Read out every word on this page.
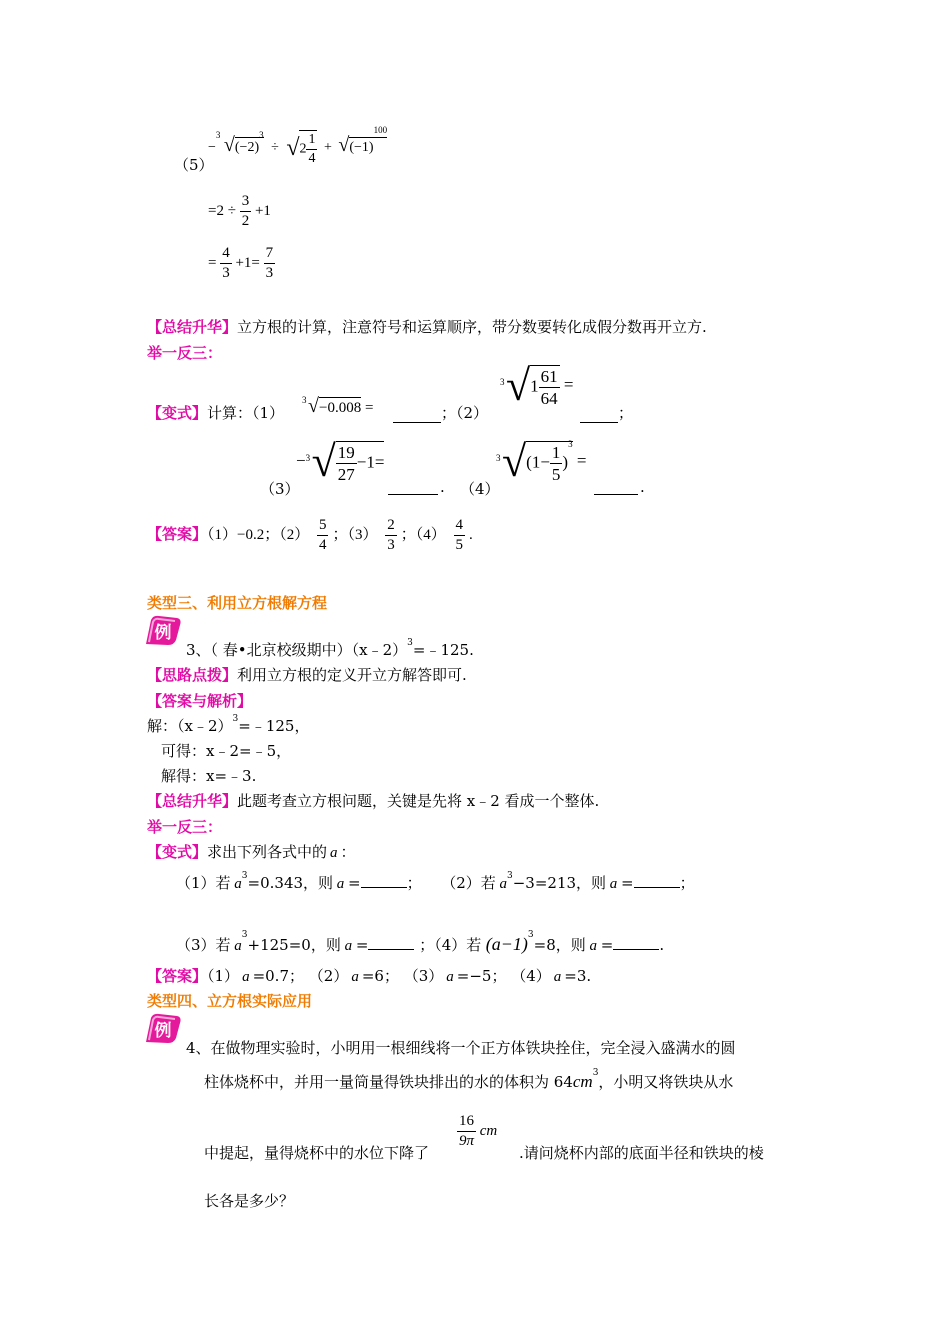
−
3 $√(-2)^3 \div √2 \frac{1}{4} + √(-1)^{100}$
（5）
$=2 \div \frac{3}{2} +1$
= $\frac{4}{3} +1= \frac{7}{3}$
【总结升华】立方根的计算，注意符号和运算顺序，带分数要转化成假分数再开立方.
举一反三：
【变式】计算：（1）
3 √−0.008 =	；（2）
3 $√1 \frac{61}{64}$ =
；
（3）
− 3 √ $\frac{19}{27} -1=$
. （4）
3 $√(1- \frac{1}{5} )^3$ =
.
【答案】（1）−0.2；$(2) \frac{5}{4}$ ；$(3) \frac{2}{3}$ ；$(4) \frac{4}{5}$ .
类型三、利用立方根解方程
例
3、（ 春•北京校级期中）（x﹣2）$^3$=﹣125.
【思路点拨】利用立方根的定义开立方解答即可.
【答案与解析】
解：（x﹣2）$^3$=﹣125，
可得：x﹣2=﹣5，
解得：x=﹣3.
【总结升华】此题考查立方根问题，关键是先将 x﹣2 看成一个整体.
举一反三：
【变式】求出下列各式中的 a ：
（1）若 $a^3=0.343$，则 a =	； （2）若 $a^3-3=213$，则 a =	；
（3）若 $a^3+125=0$，则 a =	；（4）若 $(a-1)^3=8$，则 a =	.
【答案】（1） a =0.7； （2） a =6； （3） a =−5； （4） a =3.
类型四、立方根实际应用
例
4、在做物理实验时，小明用一根细线将一个正方体铁块拴住，完全浸入盛满水的圆
柱体烧杯中，并用一量筒量得铁块排出的水的体积为 $64cm^3$，小明又将铁块从水
中提起，量得烧杯中的水位下降了
$\frac{16}{9\pi}$ cm
.请问烧杯内部的底面半径和铁块的棱
长各是多少？
